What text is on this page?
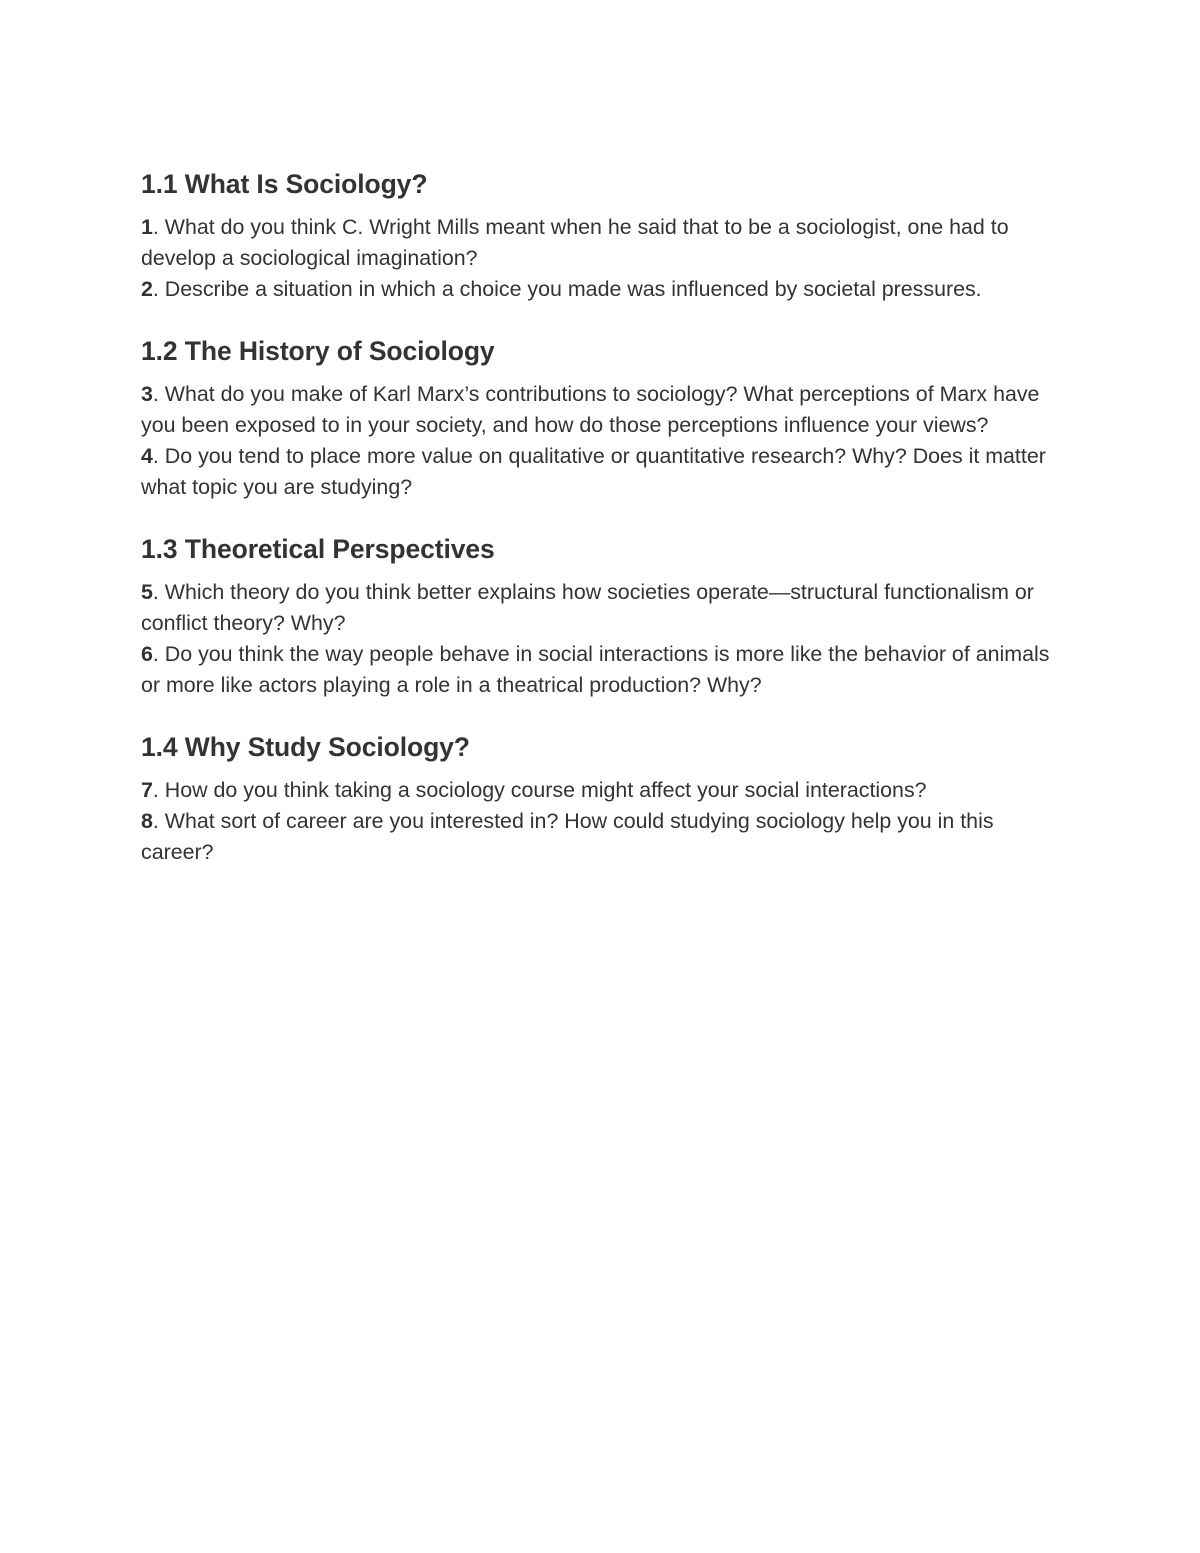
1.1 What Is Sociology?

1. What do you think C. Wright Mills meant when he said that to be a sociologist, one had to develop a sociological imagination?

2. Describe a situation in which a choice you made was influenced by societal pressures.

1.2 The History of Sociology

3. What do you make of Karl Marx’s contributions to sociology? What perceptions of Marx have you been exposed to in your society, and how do those perceptions influence your views?

4. Do you tend to place more value on qualitative or quantitative research? Why? Does it matter what topic you are studying?

1.3 Theoretical Perspectives

5. Which theory do you think better explains how societies operate—structural functionalism or conflict theory? Why?

6. Do you think the way people behave in social interactions is more like the behavior of animals or more like actors playing a role in a theatrical production? Why?

1.4 Why Study Sociology?

7. How do you think taking a sociology course might affect your social interactions?

8. What sort of career are you interested in? How could studying sociology help you in this career?
